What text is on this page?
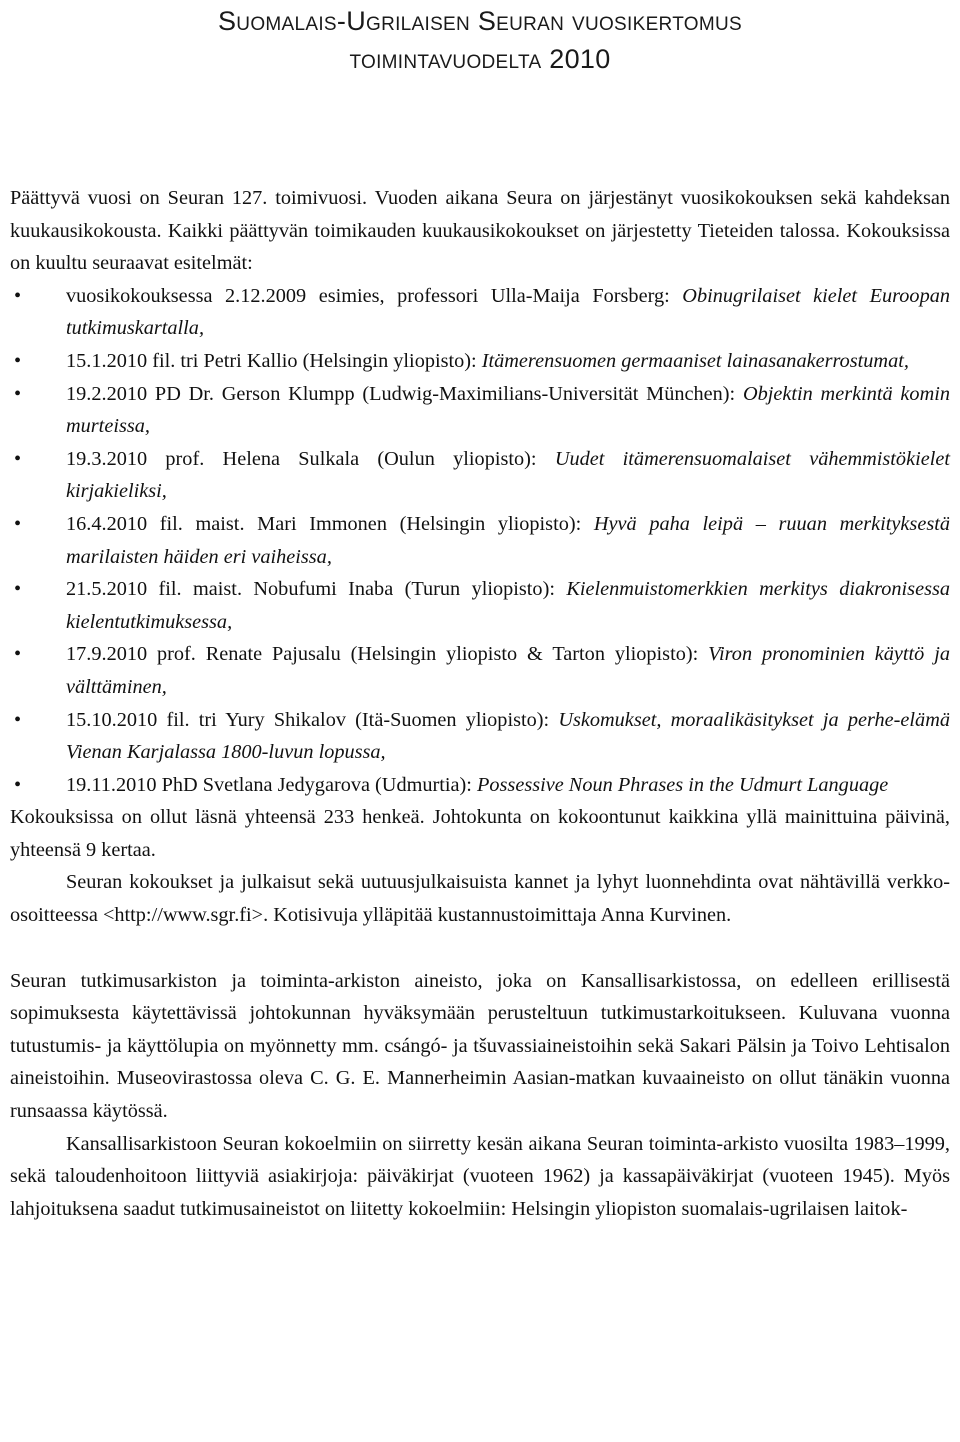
Suomalais-Ugrilaisen Seuran vuosikertomus
toimintavuodelta 2010

Päättyvä vuosi on Seuran 127. toimivuosi. Vuoden aikana Seura on järjestänyt vuosikokouksen sekä kahdeksan kuukausikokousta. Kaikki päättyvän toimikauden kuukausikokoukset on järjestetty Tieteiden talossa. Kokouksissa on kuultu seuraavat esitelmät:

• vuosikokouksessa 2.12.2009 esimies, professori Ulla-Maija Forsberg: Obinugrilaiset kielet Euroopan tutkimuskartalla,
• 15.1.2010 fil. tri Petri Kallio (Helsingin yliopisto): Itämerensuomen germaaniset lainasanakerrostumat,
• 19.2.2010 PD Dr. Gerson Klumpp (Ludwig-Maximilians-Universität München): Objektin merkintä komin murteissa,
• 19.3.2010 prof. Helena Sulkala (Oulun yliopisto): Uudet itämerensuomalaiset vähemmistökielet kirjakieliksi,
• 16.4.2010 fil. maist. Mari Immonen (Helsingin yliopisto): Hyvä paha leipä – ruuan merkityksestä marilaisten häiden eri vaiheissa,
• 21.5.2010 fil. maist. Nobufumi Inaba (Turun yliopisto): Kielenmuistomerkkien merkitys diakronisessa kielentutkimuksessa,
• 17.9.2010 prof. Renate Pajusalu (Helsingin yliopisto & Tarton yliopisto): Viron pronominien käyttö ja välttäminen,
• 15.10.2010 fil. tri Yury Shikalov (Itä-Suomen yliopisto): Uskomukset, moraalikäsitykset ja perhe-elämä Vienan Karjalassa 1800-luvun lopussa,
• 19.11.2010 PhD Svetlana Jedygarova (Udmurtia): Possessive Noun Phrases in the Udmurt Language

Kokouksissa on ollut läsnä yhteensä 233 henkeä. Johtokunta on kokoontunut kaikkina yllä mainittuina päivinä, yhteensä 9 kertaa.

Seuran kokoukset ja julkaisut sekä uutuusjulkaisuista kannet ja lyhyt luonnehdinta ovat nähtävillä verkko-osoitteessa <http://www.sgr.fi>. Kotisivuja ylläpitää kustannustoimittaja Anna Kurvinen.

Seuran tutkimusarkiston ja toiminta-arkiston aineisto, joka on Kansallisarkistossa, on edelleen erillisestä sopimuksesta käytettävissä johtokunnan hyväksymään perusteltuun tutkimustarkoitukseen. Kuluvana vuonna tutustumis- ja käyttölupia on myönnetty mm. csángó- ja tšuvassiaineistoihin sekä Sakari Pälsin ja Toivo Lehtisalon aineistoihin. Museovirastossa oleva C. G. E. Mannerheimin Aasian-matkan kuvaaineisto on ollut tänäkin vuonna runsaassa käytössä.

Kansallisarkistoon Seuran kokoelmiin on siirretty kesän aikana Seuran toiminta-arkisto vuosilta 1983–1999, sekä taloudenhoitoon liittyviä asiakirjoja: päiväkirjat (vuoteen 1962) ja kassapäiväkirjat (vuoteen 1945). Myös lahjoituksena saadut tutkimusaineistot on liitetty kokoelmiin: Helsingin yliopiston suomalais-ugrilaisen laitok-
